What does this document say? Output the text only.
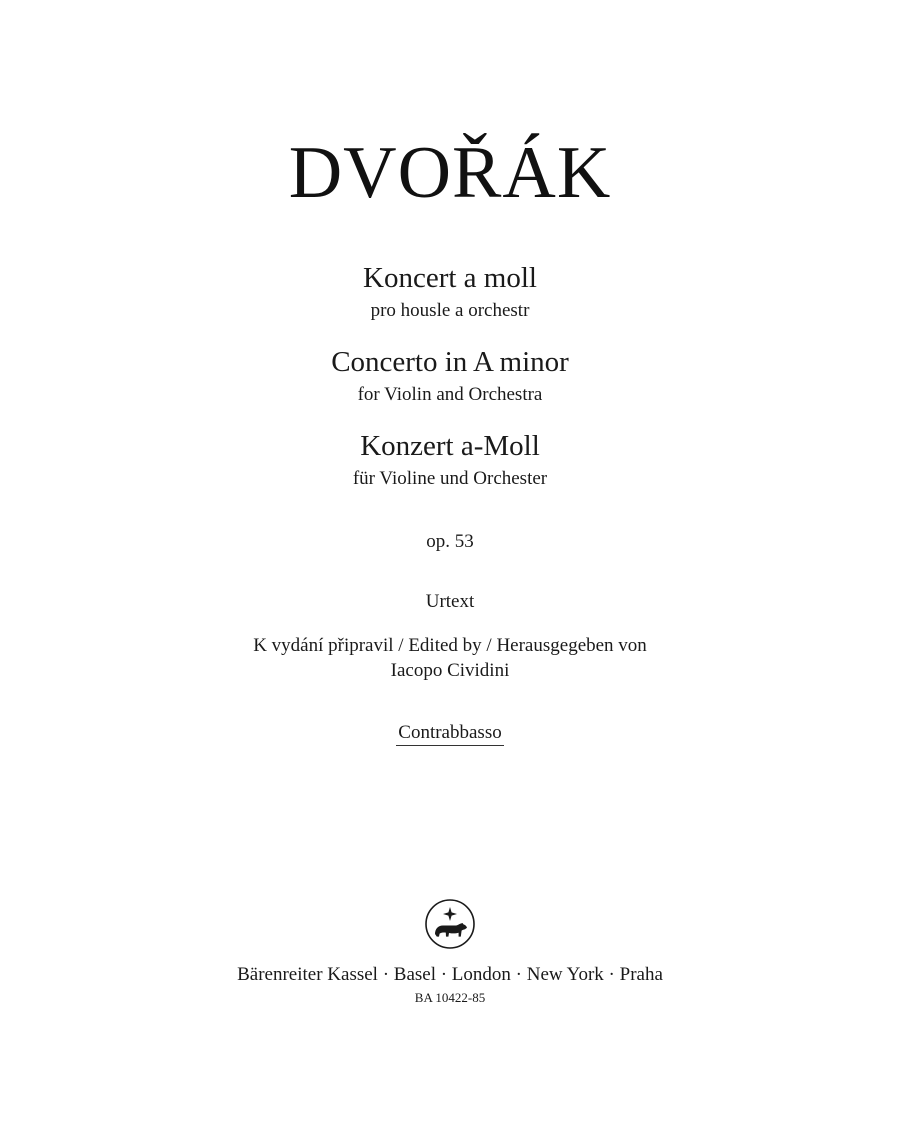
DVOŘÁK
Koncert a moll
pro housle a orchestr
Concerto in A minor
for Violin and Orchestra
Konzert a-Moll
für Violine und Orchester
op. 53
Urtext
K vydání připravil / Edited by / Herausgegeben von
Iacopo Cividini
Contrabbasso
Bärenreiter Kassel · Basel · London · New York · Praha
BA 10422-85
